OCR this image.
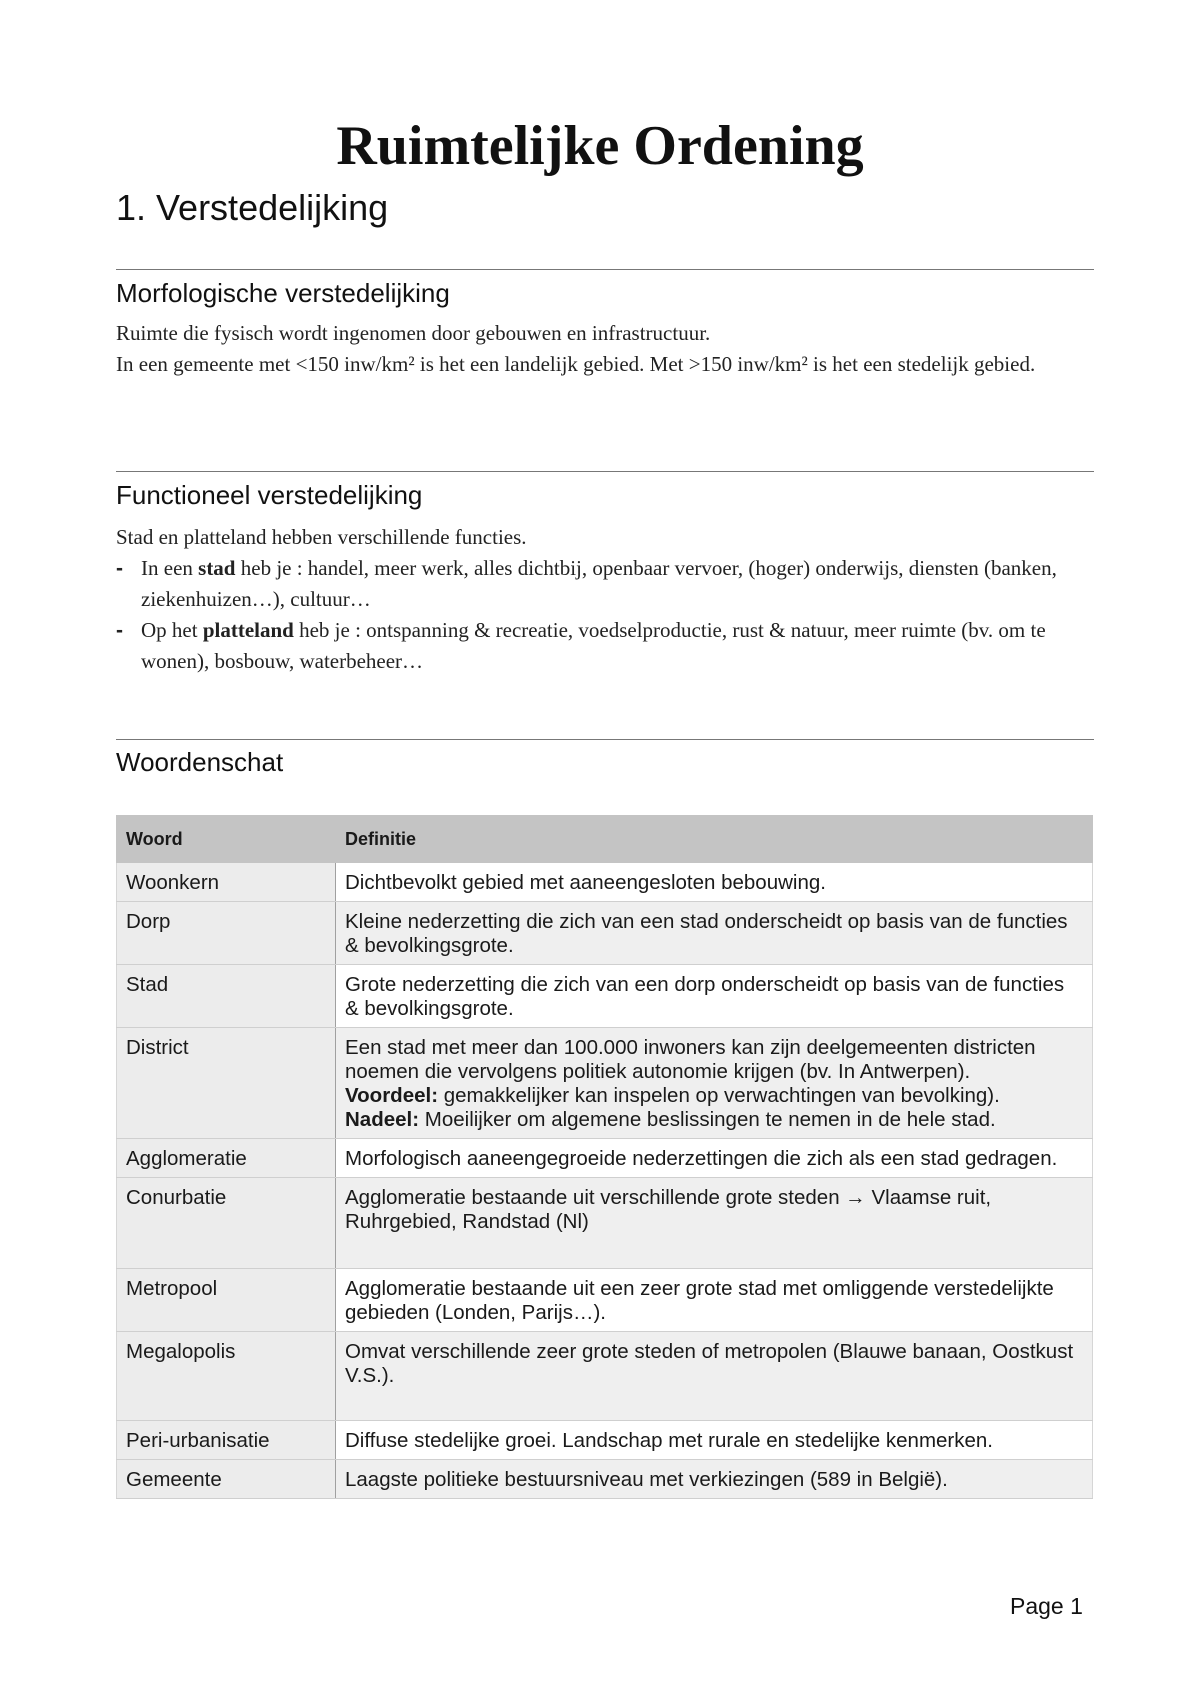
Ruimtelijke Ordening
1. Verstedelijking
Morfologische verstedelijking
Ruimte die fysisch wordt ingenomen door gebouwen en infrastructuur.
In een gemeente met <150 inw/km² is het een landelijk gebied. Met >150 inw/km² is het een stedelijk gebied.
Functioneel verstedelijking
Stad en platteland hebben verschillende functies.
- In een stad heb je : handel, meer werk, alles dichtbij, openbaar vervoer, (hoger) onderwijs, diensten (banken, ziekenhuizen…), cultuur…
- Op het platteland heb je : ontspanning & recreatie, voedselproductie, rust & natuur, meer ruimte (bv. om te wonen), bosbouw, waterbeheer…
Woordenschat
Woord	Definitie
Woonkern	Dichtbevolkt gebied met aaneengesloten bebouwing.
Dorp	Kleine nederzetting die zich van een stad onderscheidt op basis van de functies & bevolkingsgrote.
Stad	Grote nederzetting die zich van een dorp onderscheidt op basis van de functies & bevolkingsgrote.
District	Een stad met meer dan 100.000 inwoners kan zijn deelgemeenten districten noemen die vervolgens politiek autonomie krijgen (bv. In Antwerpen).
Voordeel: gemakkelijker kan inspelen op verwachtingen van bevolking).
Nadeel: Moeilijker om algemene beslissingen te nemen in de hele stad.

Agglomeratie	Morfologisch aaneengegroeide nederzettingen die zich als een stad gedragen.
Conurbatie	Agglomeratie bestaande uit verschillende grote steden → Vlaamse ruit, Ruhrgebied, Randstad (Nl)
Metropool	Agglomeratie bestaande uit een zeer grote stad met omliggende verstedelijkte gebieden (Londen, Parijs…).
Megalopolis	Omvat verschillende zeer grote steden of metropolen (Blauwe banaan, Oostkust V.S.).
Peri-urbanisatie	Diffuse stedelijke groei. Landschap met rurale en stedelijke kenmerken.
Gemeente	Laagste politieke bestuursniveau met verkiezingen (589 in België).

Page 1
